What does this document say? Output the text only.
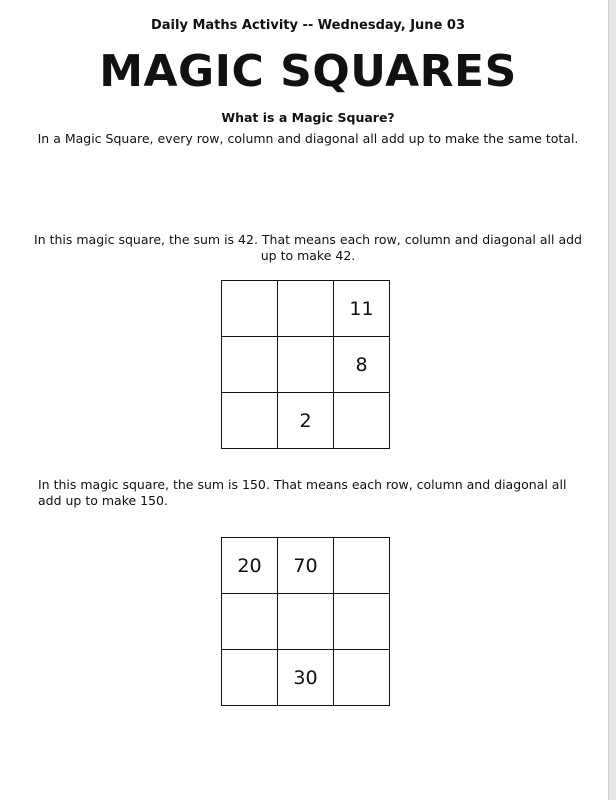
Daily Maths Activity -- Wednesday, June 03
MAGIC SQUARES
What is a Magic Square?
In a Magic Square, every row, column and diagonal all add up to make the same total.
In this magic square, the sum is 42. That means each row, column and diagonal all add up to make 42.
		11
		8
	2	
In this magic square, the sum is 150. That means each row, column and diagonal all add up to make 150.
20	70	

	30	
